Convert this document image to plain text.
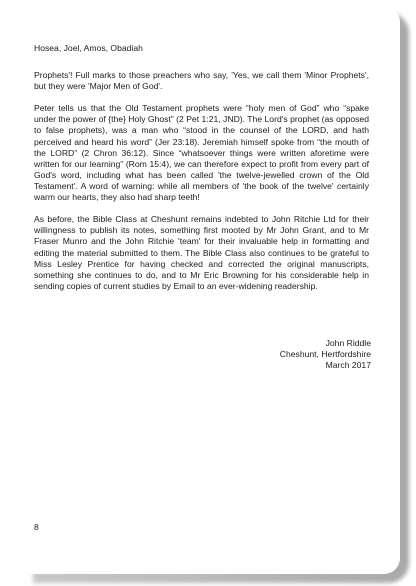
Hosea, Joel, Amos, Obadiah

Prophets'! Full marks to those preachers who say, 'Yes, we call them 'Minor Prophets', but they were 'Major Men of God'.

Peter tells us that the Old Testament prophets were “holy men of God” who “spake under the power of {the} Holy Ghost” (2 Pet 1:21, JND). The Lord's prophet (as opposed to false prophets), was a man who “stood in the counsel of the LORD, and hath perceived and heard his word” (Jer 23:18). Jeremiah himself spoke from “the mouth of the LORD” (2 Chron 36:12). Since “whatsoever things were written aforetime were written for our learning” (Rom 15:4), we can therefore expect to profit from every part of God's word, including what has been called 'the twelve-jewelled crown of the Old Testament'. A word of warning: while all members of 'the book of the twelve' certainly warm our hearts, they also had sharp teeth!

As before, the Bible Class at Cheshunt remains indebted to John Ritchie Ltd for their willingness to publish its notes, something first mooted by Mr John Grant, and to Mr Fraser Munro and the John Ritchie 'team' for their invaluable help in formatting and editing the material submitted to them. The Bible Class also continues to be grateful to Miss Lesley Prentice for having checked and corrected the original manuscripts, something she continues to do, and to Mr Eric Browning for his considerable help in sending copies of current studies by Email to an ever-widening readership.

John Riddle
Cheshunt, Hertfordshire
March 2017
8
